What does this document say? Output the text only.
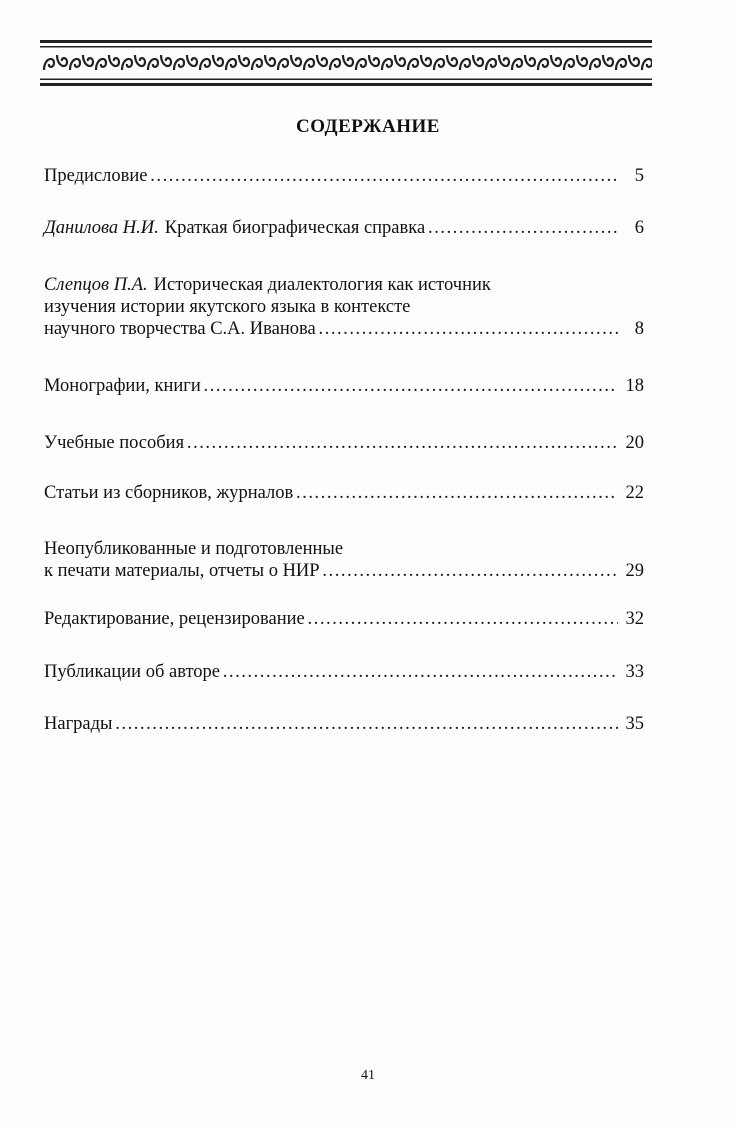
СОДЕРЖАНИЕ
Предисловие ………………………………………………………………………………………………………………………………………………	5
Данилова Н.И. Краткая биографическая справка ………………………………………………………………………………………………………………………………………………	6
Слепцов П.А. Историческая диалектология как источник
изучения истории якутского языка в контексте
научного творчества С.А. Иванова ………………………………………………………………………………………………………………………………………………	8
Монографии, книги ………………………………………………………………………………………………………………………………………………	18
Учебные пособия ………………………………………………………………………………………………………………………………………………	20
Статьи из сборников, журналов ………………………………………………………………………………………………………………………………………………	22
Неопубликованные и подготовленные
к печати материалы, отчеты о НИР ………………………………………………………………………………………………………………………………………………	29
Редактирование, рецензирование ………………………………………………………………………………………………………………………………………………	32
Публикации об авторе ………………………………………………………………………………………………………………………………………………	33
Награды ………………………………………………………………………………………………………………………………………………	35
41
